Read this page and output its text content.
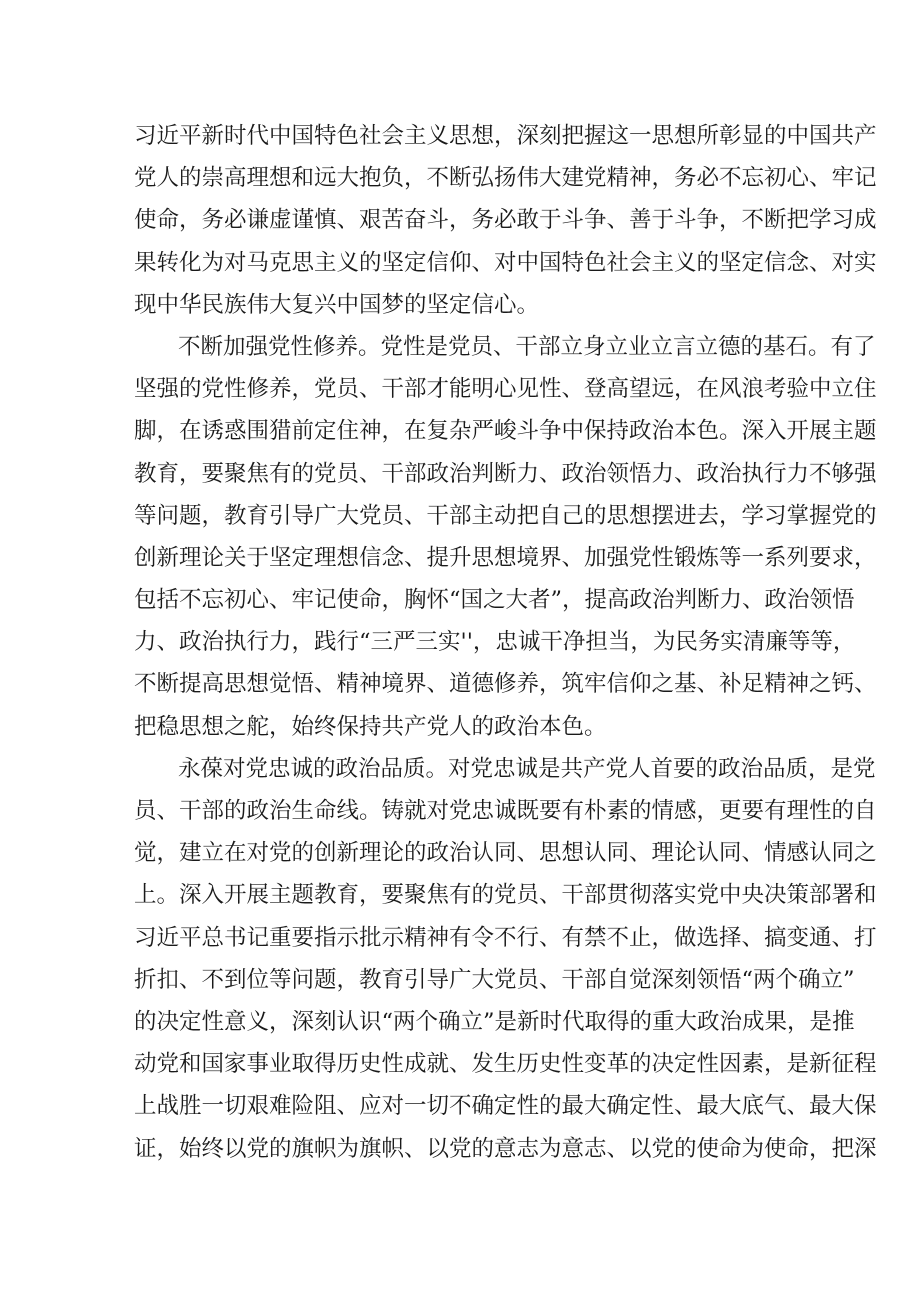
习近平新时代中国特色社会主义思想，深刻把握这一思想所彰显的中国共产
党人的崇高理想和远大抱负，不断弘扬伟大建党精神，务必不忘初心、牢记
使命，务必谦虚谨慎、艰苦奋斗，务必敢于斗争、善于斗争，不断把学习成
果转化为对马克思主义的坚定信仰、对中国特色社会主义的坚定信念、对实
现中华民族伟大复兴中国梦的坚定信心。
不断加强党性修养。党性是党员、干部立身立业立言立德的基石。有了
坚强的党性修养，党员、干部才能明心见性、登高望远，在风浪考验中立住
脚，在诱惑围猎前定住神，在复杂严峻斗争中保持政治本色。深入开展主题
教育，要聚焦有的党员、干部政治判断力、政治领悟力、政治执行力不够强
等问题，教育引导广大党员、干部主动把自己的思想摆进去，学习掌握党的
创新理论关于坚定理想信念、提升思想境界、加强党性锻炼等一系列要求，
包括不忘初心、牢记使命，胸怀“国之大者”，提高政治判断力、政治领悟
力、政治执行力，践行“三严三实''，忠诚干净担当，为民务实清廉等等，
不断提高思想觉悟、精神境界、道德修养，筑牢信仰之基、补足精神之钙、
把稳思想之舵，始终保持共产党人的政治本色。
永葆对党忠诚的政治品质。对党忠诚是共产党人首要的政治品质，是党
员、干部的政治生命线。铸就对党忠诚既要有朴素的情感，更要有理性的自
觉，建立在对党的创新理论的政治认同、思想认同、理论认同、情感认同之
上。深入开展主题教育，要聚焦有的党员、干部贯彻落实党中央决策部署和
习近平总书记重要指示批示精神有令不行、有禁不止，做选择、搞变通、打
折扣、不到位等问题，教育引导广大党员、干部自觉深刻领悟“两个确立”
的决定性意义，深刻认识“两个确立”是新时代取得的重大政治成果，是推
动党和国家事业取得历史性成就、发生历史性变革的决定性因素，是新征程
上战胜一切艰难险阻、应对一切不确定性的最大确定性、最大底气、最大保
证，始终以党的旗帜为旗帜、以党的意志为意志、以党的使命为使命，把深
